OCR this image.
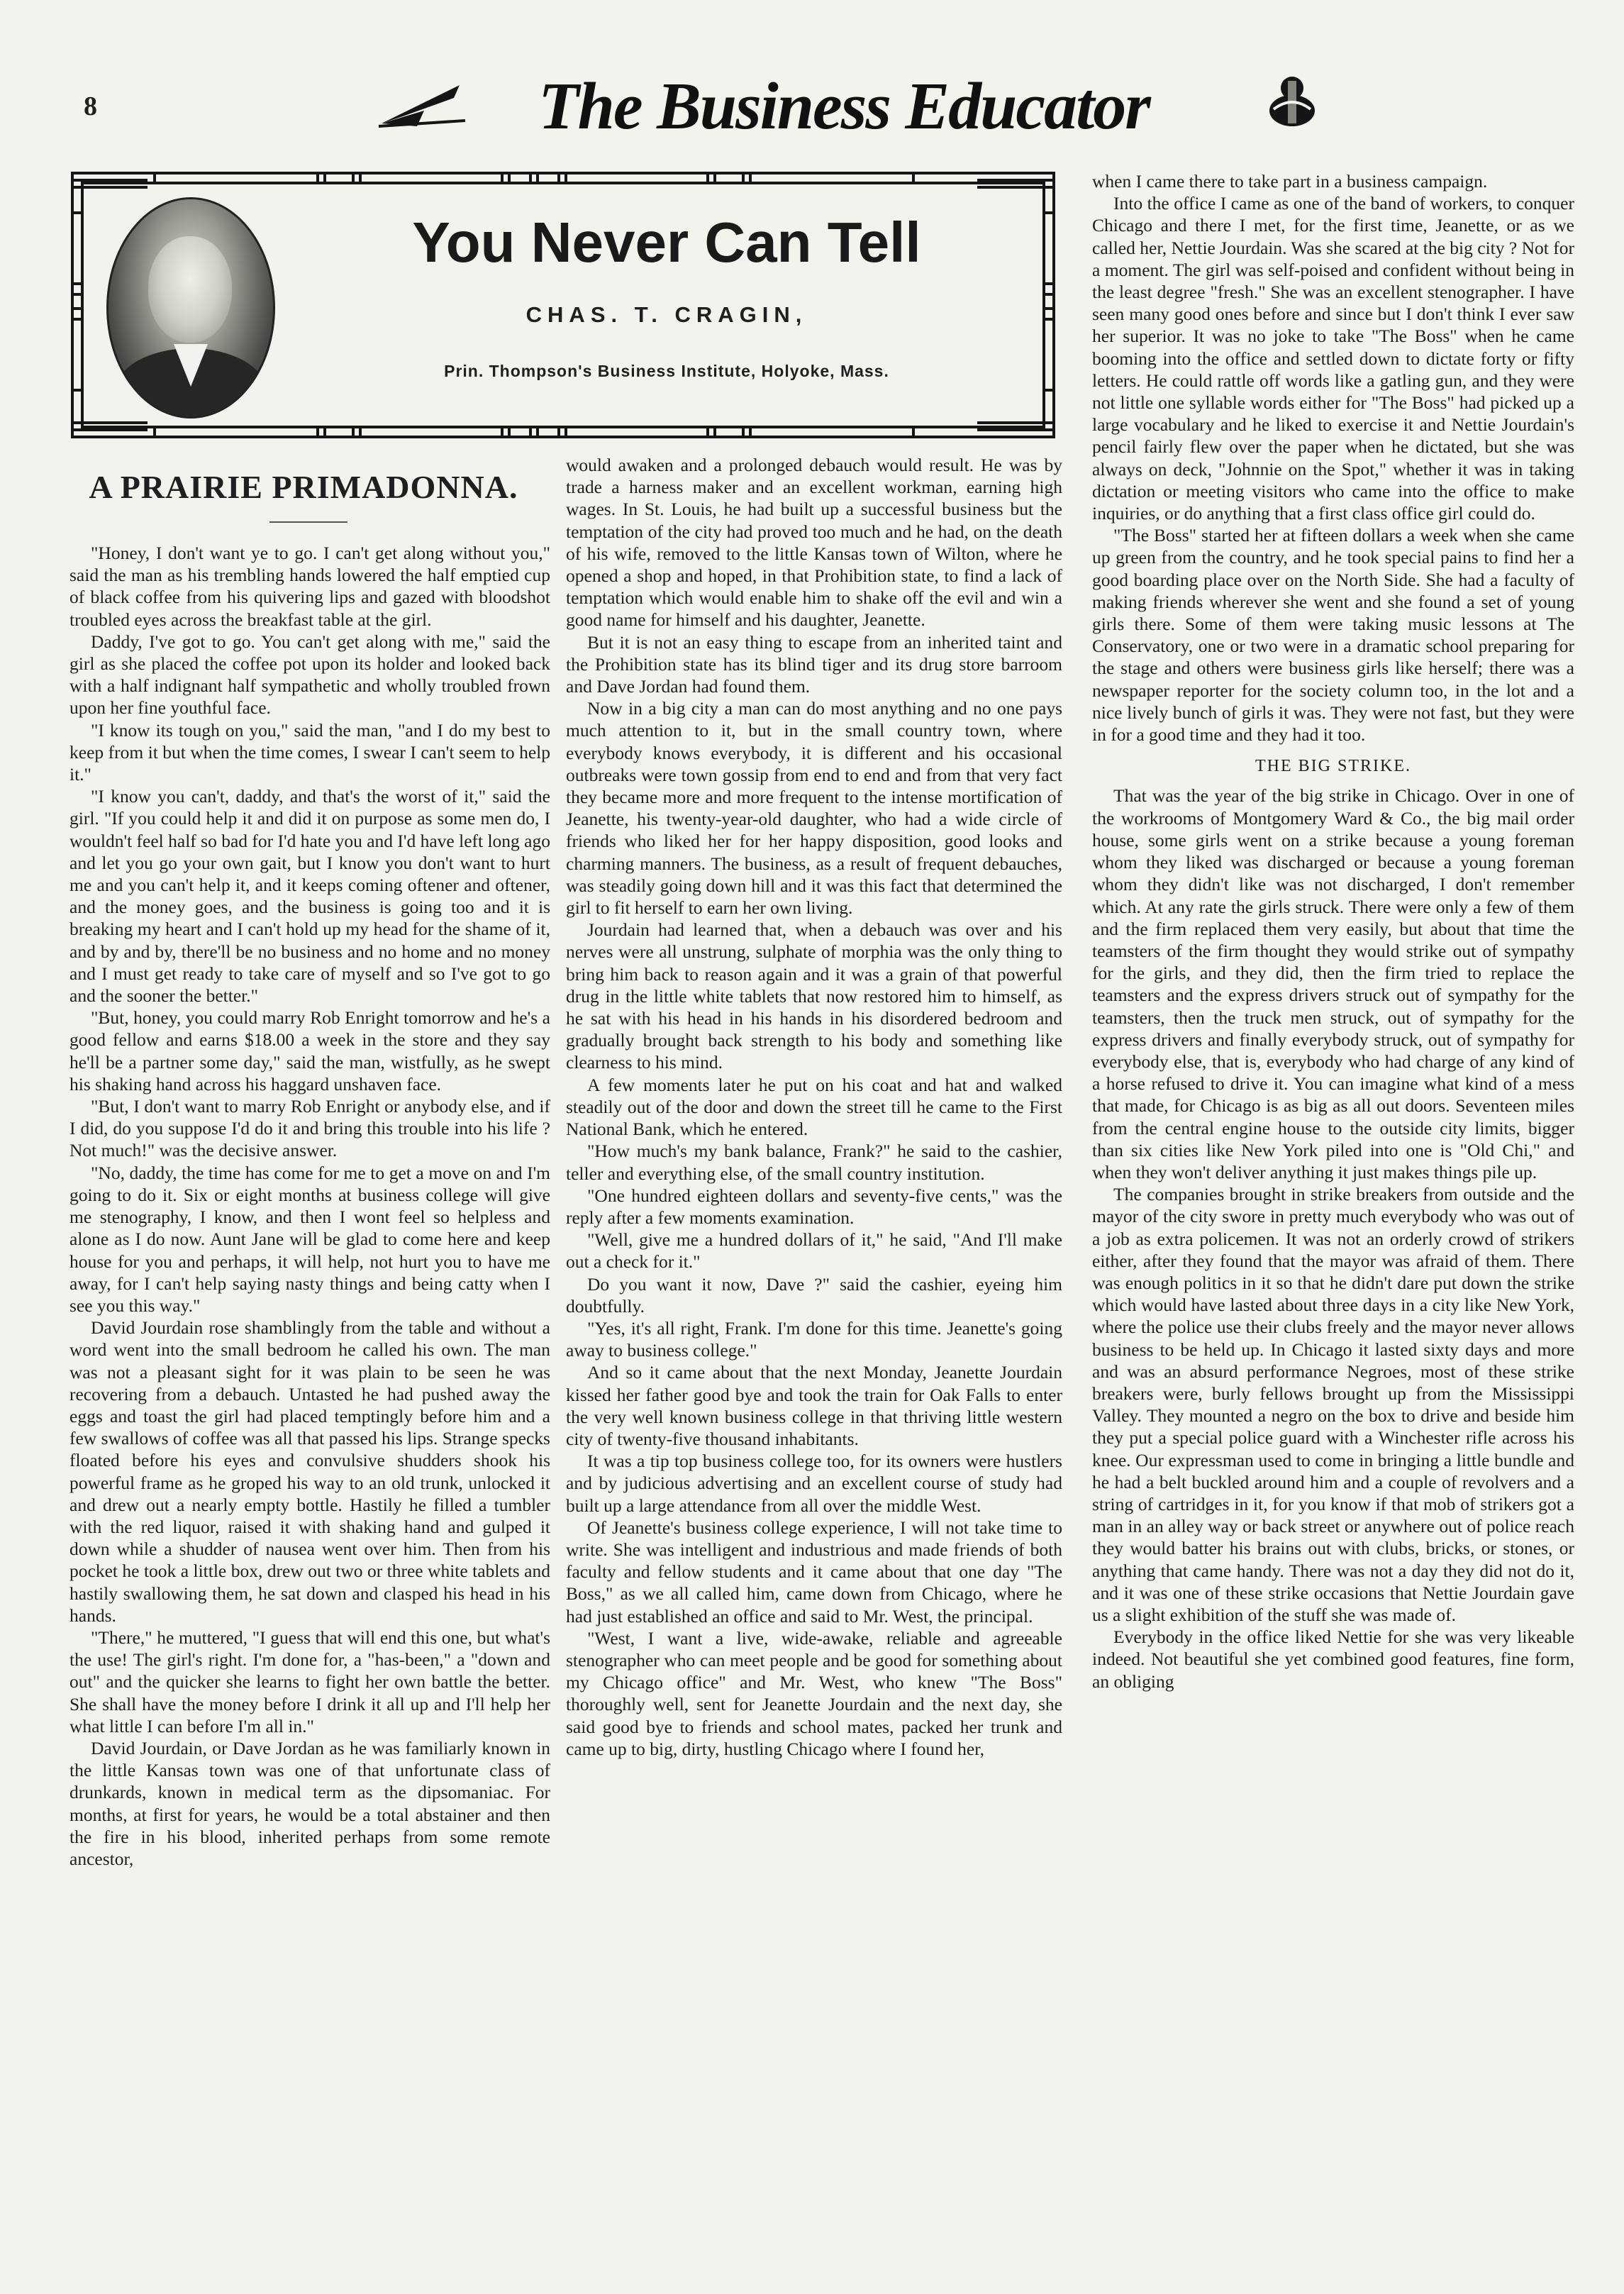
8	The Business Educator
You Never Can Tell
CHAS. T. CRAGIN,
Prin. Thompson's Business Institute, Holyoke, Mass.
A PRAIRIE PRIMADONNA.

"Honey, I don't want ye to go. I can't get along without you," said the man as his trembling hands lowered the half emptied cup of black coffee from his quivering lips and gazed with bloodshot troubled eyes across the breakfast table at the girl.

Daddy, I've got to go. You can't get along with me," said the girl as she placed the coffee pot upon its holder and looked back with a half indignant half sympathetic and wholly troubled frown upon her fine youthful face.

"I know its tough on you," said the man, "and I do my best to keep from it but when the time comes, I swear I can't seem to help it."

"I know you can't, daddy, and that's the worst of it," said the girl. "If you could help it and did it on purpose as some men do, I wouldn't feel half so bad for I'd hate you and I'd have left long ago and let you go your own gait, but I know you don't want to hurt me and you can't help it, and it keeps coming oftener and oftener, and the money goes, and the business is going too and it is breaking my heart and I can't hold up my head for the shame of it, and by and by, there'll be no business and no home and no money and I must get ready to take care of myself and so I've got to go and the sooner the better."

"But, honey, you could marry Rob Enright tomorrow and he's a good fellow and earns $18.00 a week in the store and they say he'll be a partner some day," said the man, wistfully, as he swept his shaking hand across his haggard unshaven face.

"But, I don't want to marry Rob Enright or anybody else, and if I did, do you suppose I'd do it and bring this trouble into his life ? Not much!" was the decisive answer.

"No, daddy, the time has come for me to get a move on and I'm going to do it. Six or eight months at business college will give me stenography, I know, and then I wont feel so helpless and alone as I do now. Aunt Jane will be glad to come here and keep house for you and perhaps, it will help, not hurt you to have me away, for I can't help saying nasty things and being catty when I see you this way."

David Jourdain rose shamblingly from the table and without a word went into the small bedroom he called his own. The man was not a pleasant sight for it was plain to be seen he was recovering from a debauch. Untasted he had pushed away the eggs and toast the girl had placed temptingly before him and a few swallows of coffee was all that passed his lips. Strange specks floated before his eyes and convulsive shudders shook his powerful frame as he groped his way to an old trunk, unlocked it and drew out a nearly empty bottle. Hastily he filled a tumbler with the red liquor, raised it with shaking hand and gulped it down while a shudder of nausea went over him. Then from his pocket he took a little box, drew out two or three white tablets and hastily swallowing them, he sat down and clasped his head in his hands.

"There," he muttered, "I guess that will end this one, but what's the use! The girl's right. I'm done for, a "has-been," a "down and out" and the quicker she learns to fight her own battle the better. She shall have the money before I drink it all up and I'll help her what little I can before I'm all in."

David Jourdain, or Dave Jordan as he was familiarly known in the little Kansas town was one of that unfortunate class of drunkards, known in medical term as the dipsomaniac. For months, at first for years, he would be a total abstainer and then the fire in his blood, inherited perhaps from some remote ancestor,

would awaken and a prolonged debauch would result. He was by trade a harness maker and an excellent workman, earning high wages. In St. Louis, he had built up a successful business but the temptation of the city had proved too much and he had, on the death of his wife, removed to the little Kansas town of Wilton, where he opened a shop and hoped, in that Prohibition state, to find a lack of temptation which would enable him to shake off the evil and win a good name for himself and his daughter, Jeanette.

But it is not an easy thing to escape from an inherited taint and the Prohibition state has its blind tiger and its drug store barroom and Dave Jordan had found them.

Now in a big city a man can do most anything and no one pays much attention to it, but in the small country town, where everybody knows everybody, it is different and his occasional outbreaks were town gossip from end to end and from that very fact they became more and more frequent to the intense mortification of Jeanette, his twenty-year-old daughter, who had a wide circle of friends who liked her for her happy disposition, good looks and charming manners. The business, as a result of frequent debauches, was steadily going down hill and it was this fact that determined the girl to fit herself to earn her own living.

Jourdain had learned that, when a debauch was over and his nerves were all unstrung, sulphate of morphia was the only thing to bring him back to reason again and it was a grain of that powerful drug in the little white tablets that now restored him to himself, as he sat with his head in his hands in his disordered bedroom and gradually brought back strength to his body and something like clearness to his mind.

A few moments later he put on his coat and hat and walked steadily out of the door and down the street till he came to the First National Bank, which he entered.

"How much's my bank balance, Frank?" he said to the cashier, teller and everything else, of the small country institution.

"One hundred eighteen dollars and seventy-five cents," was the reply after a few moments examination.

"Well, give me a hundred dollars of it," he said, "And I'll make out a check for it."

Do you want it now, Dave ?" said the cashier, eyeing him doubtfully.

"Yes, it's all right, Frank. I'm done for this time. Jeanette's going away to business college."

And so it came about that the next Monday, Jeanette Jourdain kissed her father good bye and took the train for Oak Falls to enter the very well known business college in that thriving little western city of twenty-five thousand inhabitants.

It was a tip top business college too, for its owners were hustlers and by judicious advertising and an excellent course of study had built up a large attendance from all over the middle West.

Of Jeanette's business college experience, I will not take time to write. She was intelligent and industrious and made friends of both faculty and fellow students and it came about that one day "The Boss," as we all called him, came down from Chicago, where he had just established an office and said to Mr. West, the principal.

"West, I want a live, wide-awake, reliable and agreeable stenographer who can meet people and be good for something about my Chicago office" and Mr. West, who knew "The Boss" thoroughly well, sent for Jeanette Jourdain and the next day, she said good bye to friends and school mates, packed her trunk and came up to big, dirty, hustling Chicago where I found her,

when I came there to take part in a business campaign.

Into the office I came as one of the band of workers, to conquer Chicago and there I met, for the first time, Jeanette, or as we called her, Nettie Jourdain. Was she scared at the big city ? Not for a moment. The girl was self-poised and confident without being in the least degree "fresh." She was an excellent stenographer. I have seen many good ones before and since but I don't think I ever saw her superior. It was no joke to take "The Boss" when he came booming into the office and settled down to dictate forty or fifty letters. He could rattle off words like a gatling gun, and they were not little one syllable words either for "The Boss" had picked up a large vocabulary and he liked to exercise it and Nettie Jourdain's pencil fairly flew over the paper when he dictated, but she was always on deck, "Johnnie on the Spot," whether it was in taking dictation or meeting visitors who came into the office to make inquiries, or do anything that a first class office girl could do.

"The Boss" started her at fifteen dollars a week when she came up green from the country, and he took special pains to find her a good boarding place over on the North Side. She had a faculty of making friends wherever she went and she found a set of young girls there. Some of them were taking music lessons at The Conservatory, one or two were in a dramatic school preparing for the stage and others were business girls like herself; there was a newspaper reporter for the society column too, in the lot and a nice lively bunch of girls it was. They were not fast, but they were in for a good time and they had it too.

THE BIG STRIKE.

That was the year of the big strike in Chicago. Over in one of the workrooms of Montgomery Ward & Co., the big mail order house, some girls went on a strike because a young foreman whom they liked was discharged or because a young foreman whom they didn't like was not discharged, I don't remember which. At any rate the girls struck. There were only a few of them and the firm replaced them very easily, but about that time the teamsters of the firm thought they would strike out of sympathy for the girls, and they did, then the firm tried to replace the teamsters and the express drivers struck out of sympathy for the teamsters, then the truck men struck, out of sympathy for the express drivers and finally everybody struck, out of sympathy for everybody else, that is, everybody who had charge of any kind of a horse refused to drive it. You can imagine what kind of a mess that made, for Chicago is as big as all out doors. Seventeen miles from the central engine house to the outside city limits, bigger than six cities like New York piled into one is "Old Chi," and when they won't deliver anything it just makes things pile up.

The companies brought in strike breakers from outside and the mayor of the city swore in pretty much everybody who was out of a job as extra policemen. It was not an orderly crowd of strikers either, after they found that the mayor was afraid of them. There was enough politics in it so that he didn't dare put down the strike which would have lasted about three days in a city like New York, where the police use their clubs freely and the mayor never allows business to be held up. In Chicago it lasted sixty days and more and was an absurd performance Negroes, most of these strike breakers were, burly fellows brought up from the Mississippi Valley. They mounted a negro on the box to drive and beside him they put a special police guard with a Winchester rifle across his knee. Our expressman used to come in bringing a little bundle and he had a belt buckled around him and a couple of revolvers and a string of cartridges in it, for you know if that mob of strikers got a man in an alley way or back street or anywhere out of police reach they would batter his brains out with clubs, bricks, or stones, or anything that came handy. There was not a day they did not do it, and it was one of these strike occasions that Nettie Jourdain gave us a slight exhibition of the stuff she was made of.

Everybody in the office liked Nettie for she was very likeable indeed. Not beautiful she yet combined good features, fine form, an obliging
